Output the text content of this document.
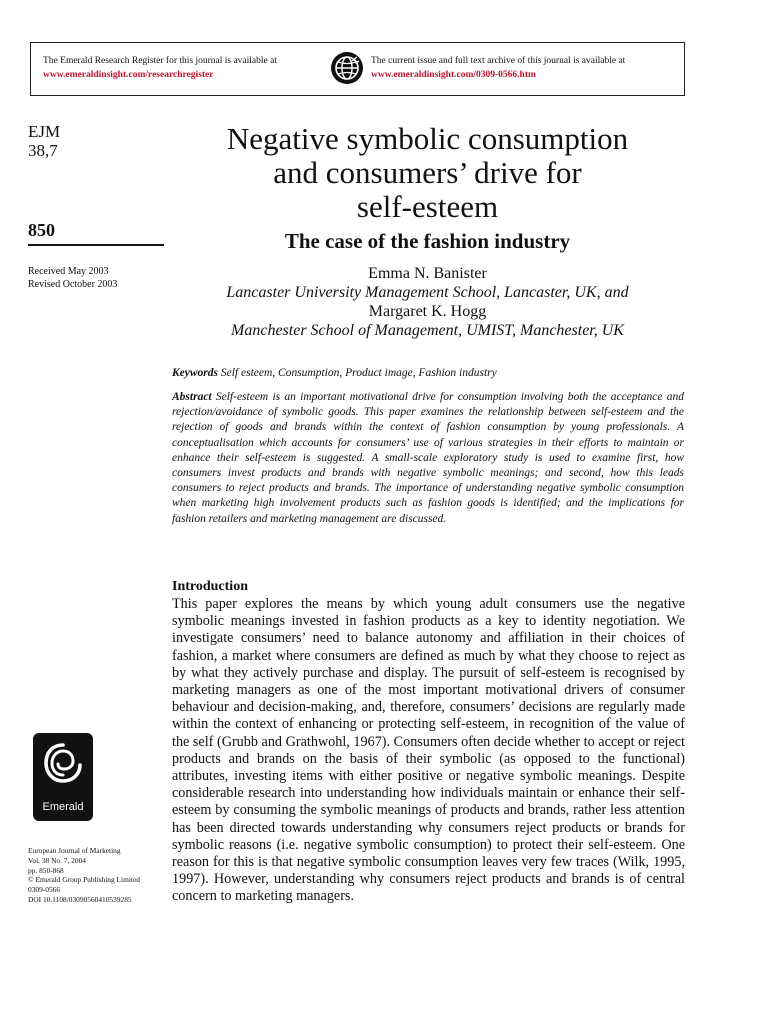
The Emerald Research Register for this journal is available at
www.emeraldinsight.com/researchregister
The current issue and full text archive of this journal is available at
www.emeraldinsight.com/0309-0566.htm
EJM
38,7
850
Received May 2003
Revised October 2003
Negative symbolic consumption
and consumers’ drive for
self-esteem
The case of the fashion industry
Emma N. Banister
Lancaster University Management School, Lancaster, UK, and
Margaret K. Hogg
Manchester School of Management, UMIST, Manchester, UK
Keywords Self esteem, Consumption, Product image, Fashion industry
Abstract Self-esteem is an important motivational drive for consumption involving both the acceptance and rejection/avoidance of symbolic goods. This paper examines the relationship between self-esteem and the rejection of goods and brands within the context of fashion consumption by young professionals. A conceptualisation which accounts for consumers’ use of various strategies in their efforts to maintain or enhance their self-esteem is suggested. A small-scale exploratory study is used to examine first, how consumers invest products and brands with negative symbolic meanings; and second, how this leads consumers to reject products and brands. The importance of understanding negative symbolic consumption when marketing high involvement products such as fashion goods is identified; and the implications for fashion retailers and marketing management are discussed.
Introduction
This paper explores the means by which young adult consumers use the negative symbolic meanings invested in fashion products as a key to identity negotiation. We investigate consumers’ need to balance autonomy and affiliation in their choices of fashion, a market where consumers are defined as much by what they choose to reject as by what they actively purchase and display. The pursuit of self-esteem is recognised by marketing managers as one of the most important motivational drivers of consumer behaviour and decision-making, and, therefore, consumers’ decisions are regularly made within the context of enhancing or protecting self-esteem, in recognition of the value of the self (Grubb and Grathwohl, 1967). Consumers often decide whether to accept or reject products and brands on the basis of their symbolic (as opposed to the functional) attributes, investing items with either positive or negative symbolic meanings. Despite considerable research into understanding how individuals maintain or enhance their self-esteem by consuming the symbolic meanings of products and brands, rather less attention has been directed towards understanding why consumers reject products or brands for symbolic reasons (i.e. negative symbolic consumption) to protect their self-esteem. One reason for this is that negative symbolic consumption leaves very few traces (Wilk, 1995, 1997). However, understanding why consumers reject products and brands is of central concern to marketing managers.
Emerald
European Journal of Marketing
Vol. 38 No. 7, 2004
pp. 850-868
© Emerald Group Publishing Limited
0309-0566
DOI 10.1108/03090560410539285
